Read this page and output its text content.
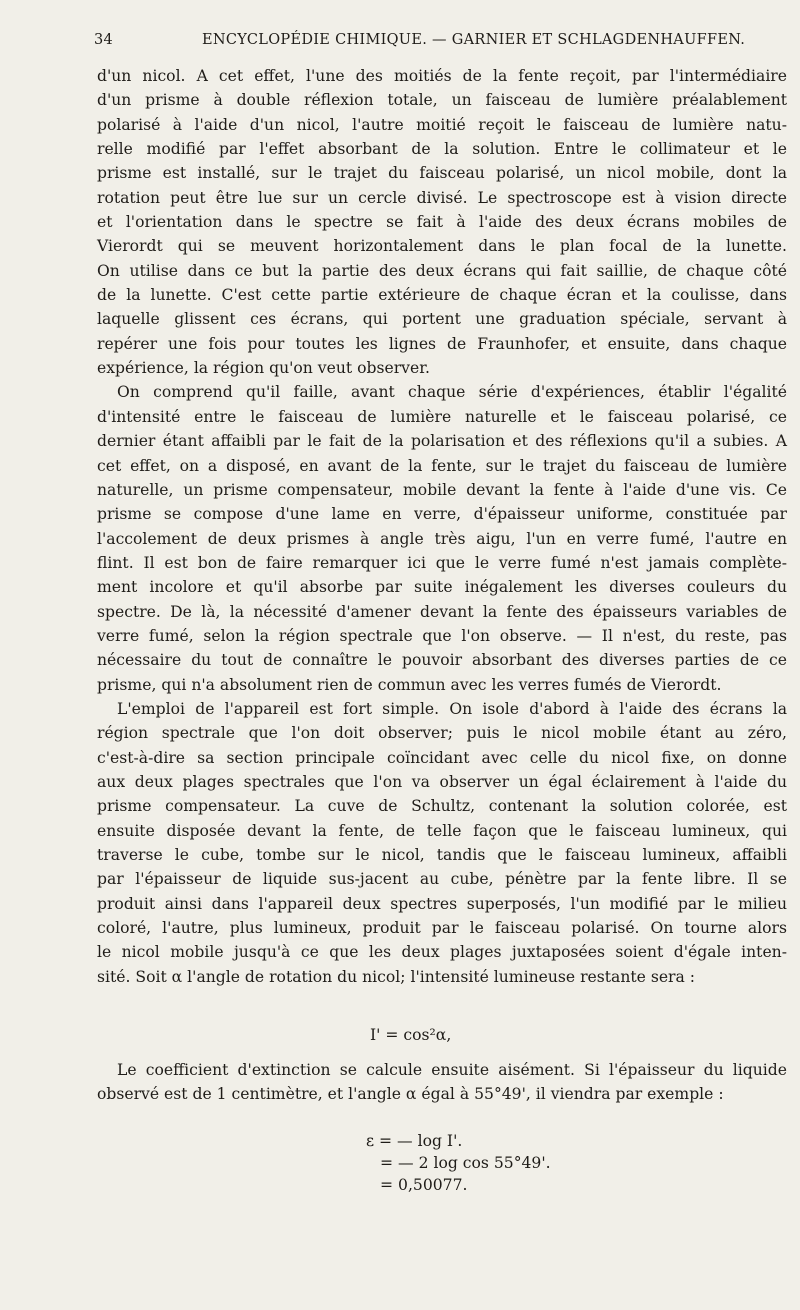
34	ENCYCLOPÉDIE CHIMIQUE. — GARNIER ET SCHLAGDENHAUFFEN.
d'un nicol. A cet effet, l'une des moitiés de la fente reçoit, par l'intermédiaire
d'un prisme à double réflexion totale, un faisceau de lumière préalablement
polarisé à l'aide d'un nicol, l'autre moitié reçoit le faisceau de lumière natu-
relle modifié par l'effet absorbant de la solution. Entre le collimateur et le
prisme est installé, sur le trajet du faisceau polarisé, un nicol mobile, dont la
rotation peut être lue sur un cercle divisé. Le spectroscope est à vision directe
et l'orientation dans le spectre se fait à l'aide des deux écrans mobiles de
Vierordt qui se meuvent horizontalement dans le plan focal de la lunette.
On utilise dans ce but la partie des deux écrans qui fait saillie, de chaque côté
de la lunette. C'est cette partie extérieure de chaque écran et la coulisse, dans
laquelle glissent ces écrans, qui portent une graduation spéciale, servant à
repérer une fois pour toutes les lignes de Fraunhofer, et ensuite, dans chaque
expérience, la région qu'on veut observer.
On comprend qu'il faille, avant chaque série d'expériences, établir l'égalité
d'intensité entre le faisceau de lumière naturelle et le faisceau polarisé, ce
dernier étant affaibli par le fait de la polarisation et des réflexions qu'il a subies. A
cet effet, on a disposé, en avant de la fente, sur le trajet du faisceau de lumière
naturelle, un prisme compensateur, mobile devant la fente à l'aide d'une vis. Ce
prisme se compose d'une lame en verre, d'épaisseur uniforme, constituée par
l'accolement de deux prismes à angle très aigu, l'un en verre fumé, l'autre en
flint. Il est bon de faire remarquer ici que le verre fumé n'est jamais complète-
ment incolore et qu'il absorbe par suite inégalement les diverses couleurs du
spectre. De là, la nécessité d'amener devant la fente des épaisseurs variables de
verre fumé, selon la région spectrale que l'on observe. — Il n'est, du reste, pas
nécessaire du tout de connaître le pouvoir absorbant des diverses parties de ce
prisme, qui n'a absolument rien de commun avec les verres fumés de Vierordt.
L'emploi de l'appareil est fort simple. On isole d'abord à l'aide des écrans la
région spectrale que l'on doit observer; puis le nicol mobile étant au zéro,
c'est-à-dire sa section principale coïncidant avec celle du nicol fixe, on donne
aux deux plages spectrales que l'on va observer un égal éclairement à l'aide du
prisme compensateur. La cuve de Schultz, contenant la solution colorée, est
ensuite disposée devant la fente, de telle façon que le faisceau lumineux, qui
traverse le cube, tombe sur le nicol, tandis que le faisceau lumineux, affaibli
par l'épaisseur de liquide sus-jacent au cube, pénètre par la fente libre. Il se
produit ainsi dans l'appareil deux spectres superposés, l'un modifié par le milieu
coloré, l'autre, plus lumineux, produit par le faisceau polarisé. On tourne alors
le nicol mobile jusqu'à ce que les deux plages juxtaposées soient d'égale inten-
sité. Soit α l'angle de rotation du nicol; l'intensité lumineuse restante sera :
I' = cos²α,
Le coefficient d'extinction se calcule ensuite aisément. Si l'épaisseur du liquide
observé est de 1 centimètre, et l'angle α égal à 55°49', il viendra par exemple :
ε = — log I'.
= — 2 log cos 55°49'.
= 0,50077.
